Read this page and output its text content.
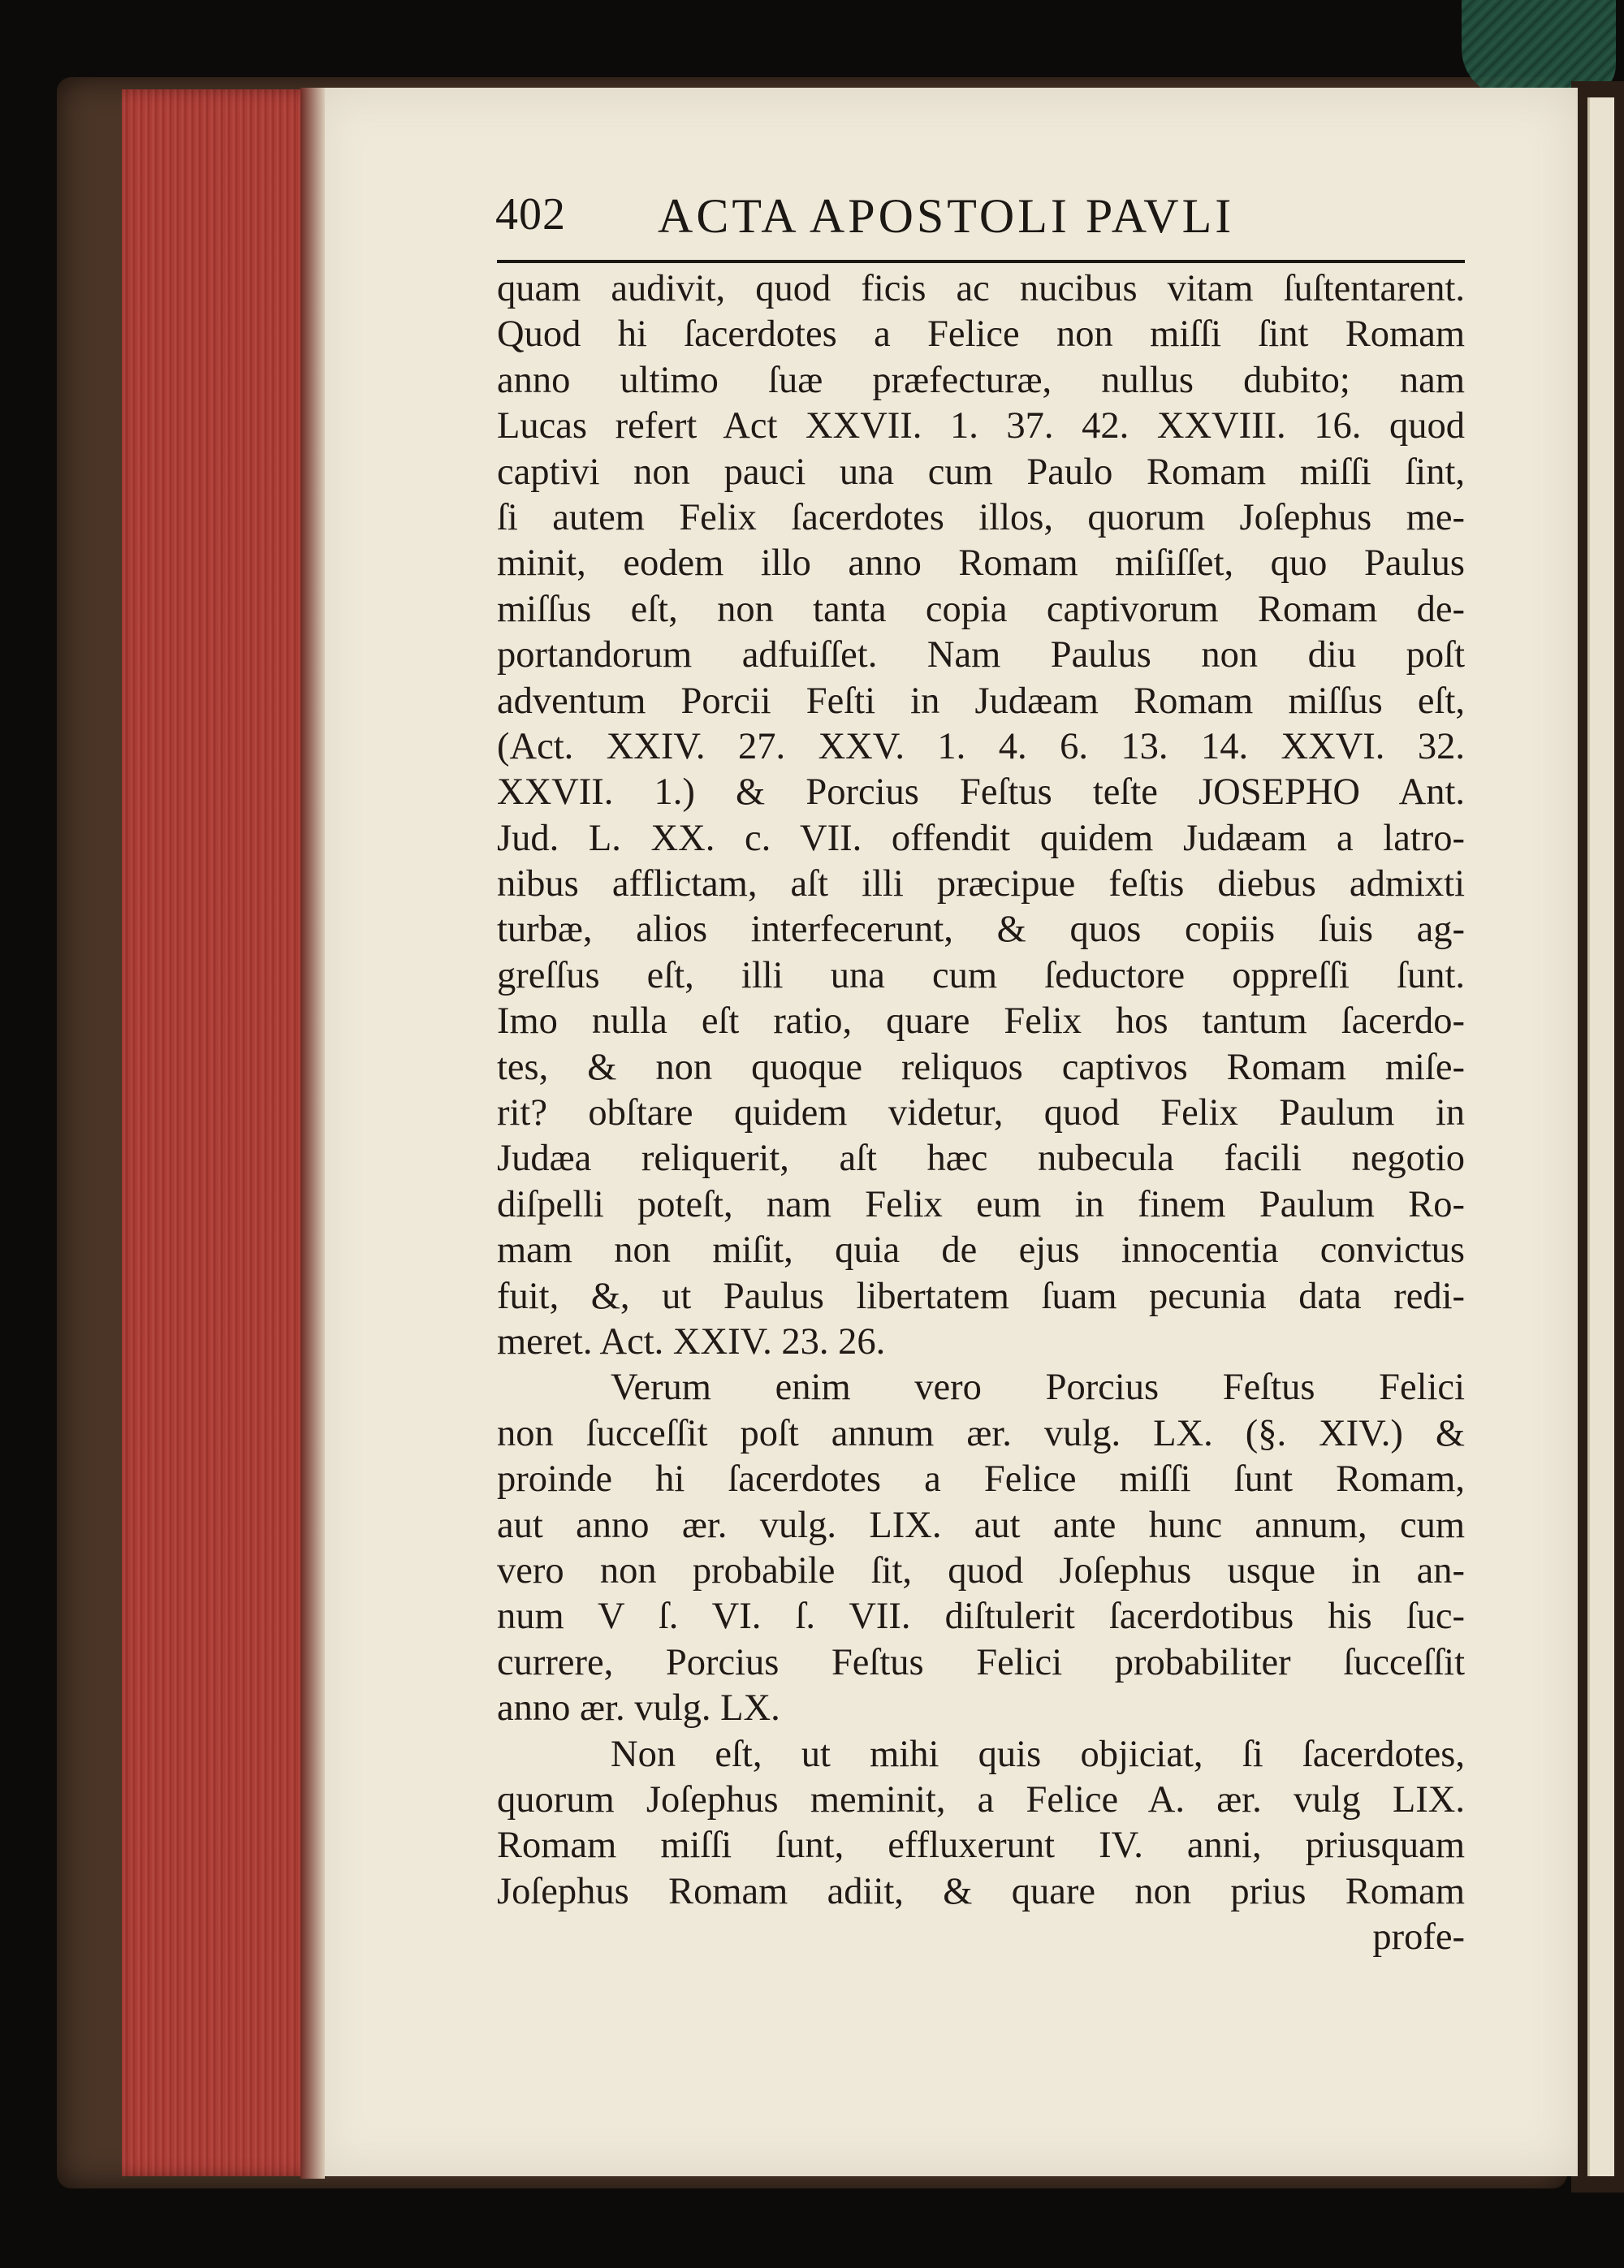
402 ACTA APOSTOLI PAVLI
quam audivit, quod ficis ac nucibus vitam ſuſtentarent.
Quod hi ſacerdotes a Felice non miſſi ſint Romam
anno ultimo ſuæ præfecturæ, nullus dubito; nam
Lucas refert Act XXVII. 1. 37. 42. XXVIII. 16. quod
captivi non pauci una cum Paulo Romam miſſi ſint,
ſi autem Felix ſacerdotes illos, quorum Joſephus me-
minit, eodem illo anno Romam miſiſſet, quo Paulus
miſſus eſt, non tanta copia captivorum Romam de-
portandorum adfuiſſet. Nam Paulus non diu poſt
adventum Porcii Feſti in Judæam Romam miſſus eſt,
(Act. XXIV. 27. XXV. 1. 4. 6. 13. 14. XXVI. 32.
XXVII. 1.) & Porcius Feſtus teſte JOSEPHO Ant.
Jud. L. XX. c. VII. offendit quidem Judæam a latro-
nibus afflictam, aſt illi præcipue feſtis diebus admixti
turbæ, alios interfecerunt, & quos copiis ſuis ag-
greſſus eſt, illi una cum ſeductore oppreſſi ſunt.
Imo nulla eſt ratio, quare Felix hos tantum ſacerdo-
tes, & non quoque reliquos captivos Romam miſe-
rit? obſtare quidem videtur, quod Felix Paulum in
Judæa reliquerit, aſt hæc nubecula facili negotio
diſpelli poteſt, nam Felix eum in finem Paulum Ro-
mam non miſit, quia de ejus innocentia convictus
fuit, &, ut Paulus libertatem ſuam pecunia data redi-
meret. Act. XXIV. 23. 26.
Verum enim vero Porcius Feſtus Felici
non ſucceſſit poſt annum ær. vulg. LX. (§. XIV.) &
proinde hi ſacerdotes a Felice miſſi ſunt Romam,
aut anno ær. vulg. LIX. aut ante hunc annum, cum
vero non probabile ſit, quod Joſephus usque in an-
num V ſ. VI. ſ. VII. diſtulerit ſacerdotibus his ſuc-
currere, Porcius Feſtus Felici probabiliter ſucceſſit
anno ær. vulg. LX.
Non eſt, ut mihi quis objiciat, ſi ſacerdotes,
quorum Joſephus meminit, a Felice A. ær. vulg LIX.
Romam miſſi ſunt, effluxerunt IV. anni, priusquam
Joſephus Romam adiit, & quare non prius Romam
profe-
